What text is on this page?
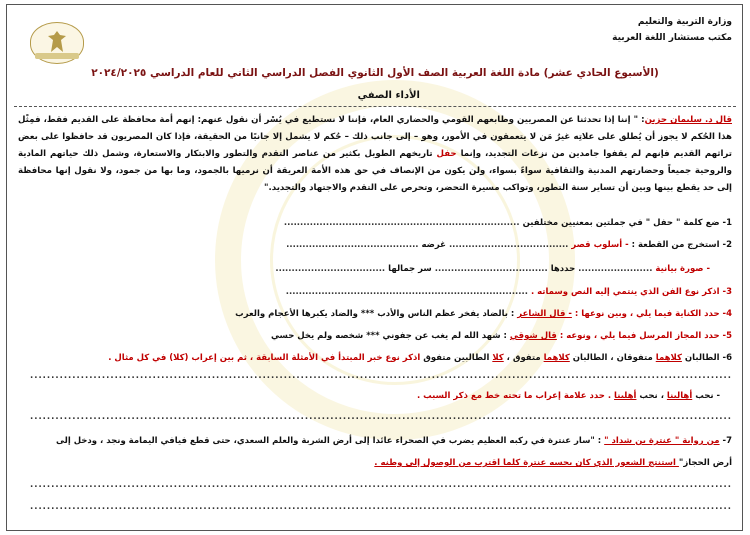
وزارة التربية والتعليم
مكتب مستشار اللغة العربية
(الأسبوع الحادي عشر) مادة اللغة العربية الصف الأول الثانوي الفصل الدراسي الثاني للعام الدراسي ٢٠٢٤/٢٠٢٥
الأداء الصفي
قال د. سليمان حزين: " إننا إذا تحدثنا عن المصريين وطابعهم القومي والحضاري العام، فإننا لا نستطيع في يُسْر أن نقول عنهم: إنهم أمة محافظة على القديم فقط، فمِثْل هذا الحُكم لا يجوز أن يُطلق على علاتِه غيرُ مَن لا يتعمقون في الأمور، وهو – إلى جانب ذلك – حُكم لا يشمل إلا جانبًا من الحقيقة، فإذا كان المصريون قد حافظوا على بعض تراثهم القديم فإنهم لم يقفوا جامدين من نزعات التجديد، وإنما حفل تاريخهم الطويل بكثير من عناصر التقدم والتطور والابتكار والاستعارة، وشمل ذلك حياتهم المادية والروحية جميعاً وحضارتهم المدنية والثقافية سواءً بسواء، ولن يكون من الإنصاف في حق هذه الأمة العريقة أن نرميها بالجمود، وما بها من جمود، ولا نقول إنها محافظة إلى حد يقطع بينها وبين أن تساير سنة التطور، وتواكب مسيرة التحضر، وتحرص على التقدم والاجتهاد والتجديد."
1- ضع كلمة " حفل " في جملتين بمعنيين مختلفين .........................................................................
2- استخرج من القطعة : - أسلوب قصر ..................................... غرضه .........................................
- صورة بيانية ....................... حددها ................................... سر جمالها ..................................
3- اذكر نوع الفن الذي ينتمي إليه النص وسماته . ...........................................................................
4- حدد الكناية فيما يلي ، وبين نوعها : - قال الشاعر : بالضاد يفخر عظم الناس والأدب *** والضاد يكبرها الأعجام والعرب
5- حدد المجاز المرسل فيما يلي ، ونوعه : قال شوقي : شهد الله لم يغب عن جفوني *** شخصه ولم يخل حسي
6- الطالبان كلاهما متفوقان ، الطالبان كلاهما متفوق ، كلا الطالبين متفوق اذكر نوع خبر المبتدأ في الأمثلة السابقة ، ثم بين إعراب (كلا) في كل مثال .
......................................................................................................................................................................
- نحب أهالينا ، نحب أهلينا . حدد علامة إعراب ما تحته خط مع ذكر السبب .
......................................................................................................................................................................
7- من رواية " عنترة بن شداد " : "سار عنترة في ركبه العظيم يضرب في الصحراء عائدا إلى أرض الشربة والعلم السعدي، حتى قطع فيافي اليمامة ونجد ، ودخل إلى
أرض الحجاز" استنتج الشعور الذي كان يحسه عنترة كلما اقترب من الوصول إلى وطنه .
......................................................................................................................................................................
......................................................................................................................................................................
